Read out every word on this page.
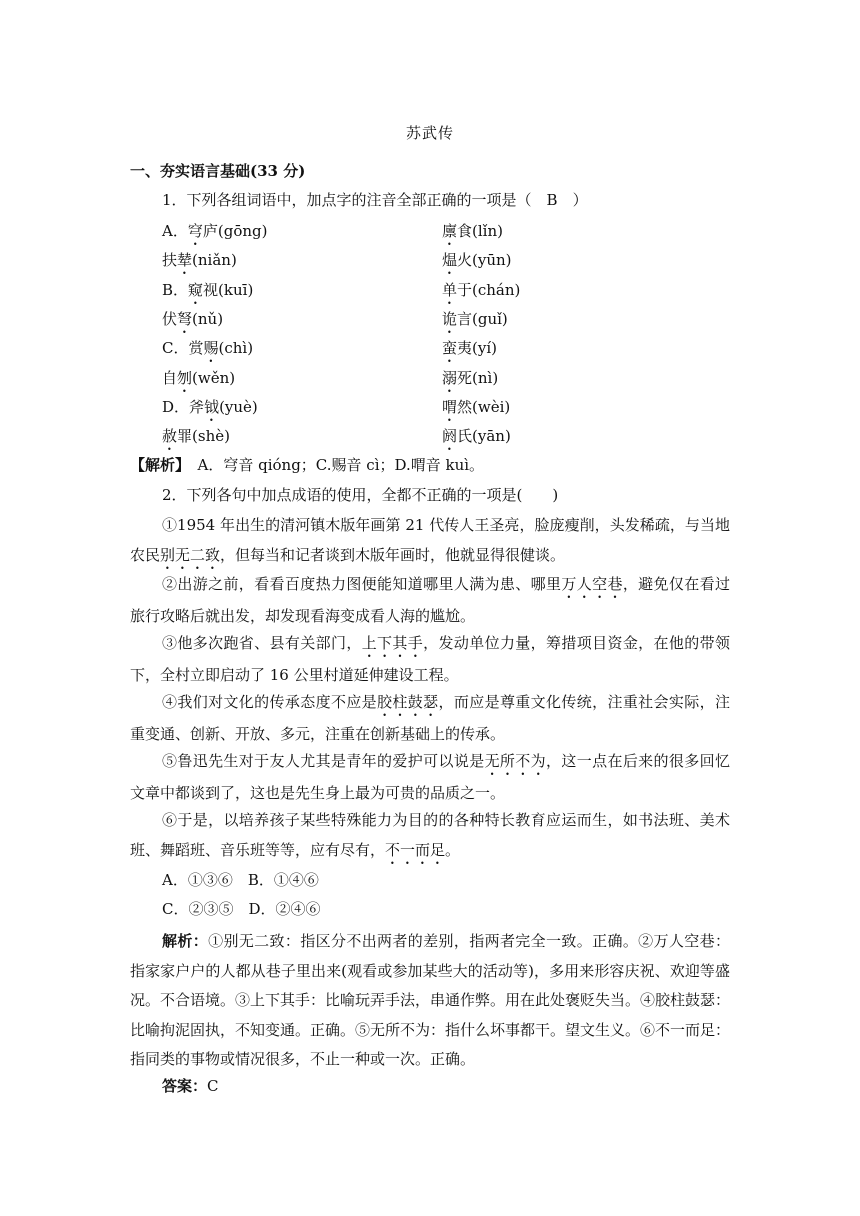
苏武传
一、夯实语言基础(33 分)
1．下列各组词语中，加点字的注音全部正确的一项是（　B　）
A．穹庐(gōng)	廪食(lǐn)
扶辇(niǎn)	煴火(yūn)
B．窥视(kuī)	单于(chán)
伏弩(nǔ)	诡言(guǐ)
C．赏赐(chì)	蛮夷(yí)
自刎(wěn)	溺死(nì)
D．斧钺(yuè)	喟然(wèi)
赦罪(shè)	阏氏(yān)
【解析】　A．穹音 qióng；C.赐音 cì；D.喟音 kuì。
2．下列各句中加点成语的使用，全都不正确的一项是(　　)
①1954 年出生的清河镇木版年画第 21 代传人王圣亮，脸庞瘦削，头发稀疏，与当地农民别无二致，但每当和记者谈到木版年画时，他就显得很健谈。
②出游之前，看看百度热力图便能知道哪里人满为患、哪里万人空巷，避免仅在看过旅行攻略后就出发，却发现看海变成看人海的尴尬。
③他多次跑省、县有关部门，上下其手，发动单位力量，筹措项目资金，在他的带领下，全村立即启动了 16 公里村道延伸建设工程。
④我们对文化的传承态度不应是胶柱鼓瑟，而应是尊重文化传统，注重社会实际，注重变通、创新、开放、多元，注重在创新基础上的传承。
⑤鲁迅先生对于友人尤其是青年的爱护可以说是无所不为，这一点在后来的很多回忆文章中都谈到了，这也是先生身上最为可贵的品质之一。
⑥于是，以培养孩子某些特殊能力为目的的各种特长教育应运而生，如书法班、美术班、舞蹈班、音乐班等等，应有尽有，不一而足。
A．①③⑥　B．①④⑥
C．②③⑤　D．②④⑥
解析：①别无二致：指区分不出两者的差别，指两者完全一致。正确。②万人空巷：指家家户户的人都从巷子里出来(观看或参加某些大的活动等)，多用来形容庆祝、欢迎等盛况。不合语境。③上下其手：比喻玩弄手法，串通作弊。用在此处褒贬失当。④胶柱鼓瑟：比喻拘泥固执，不知变通。正确。⑤无所不为：指什么坏事都干。望文生义。⑥不一而足：指同类的事物或情况很多，不止一种或一次。正确。
答案：C
